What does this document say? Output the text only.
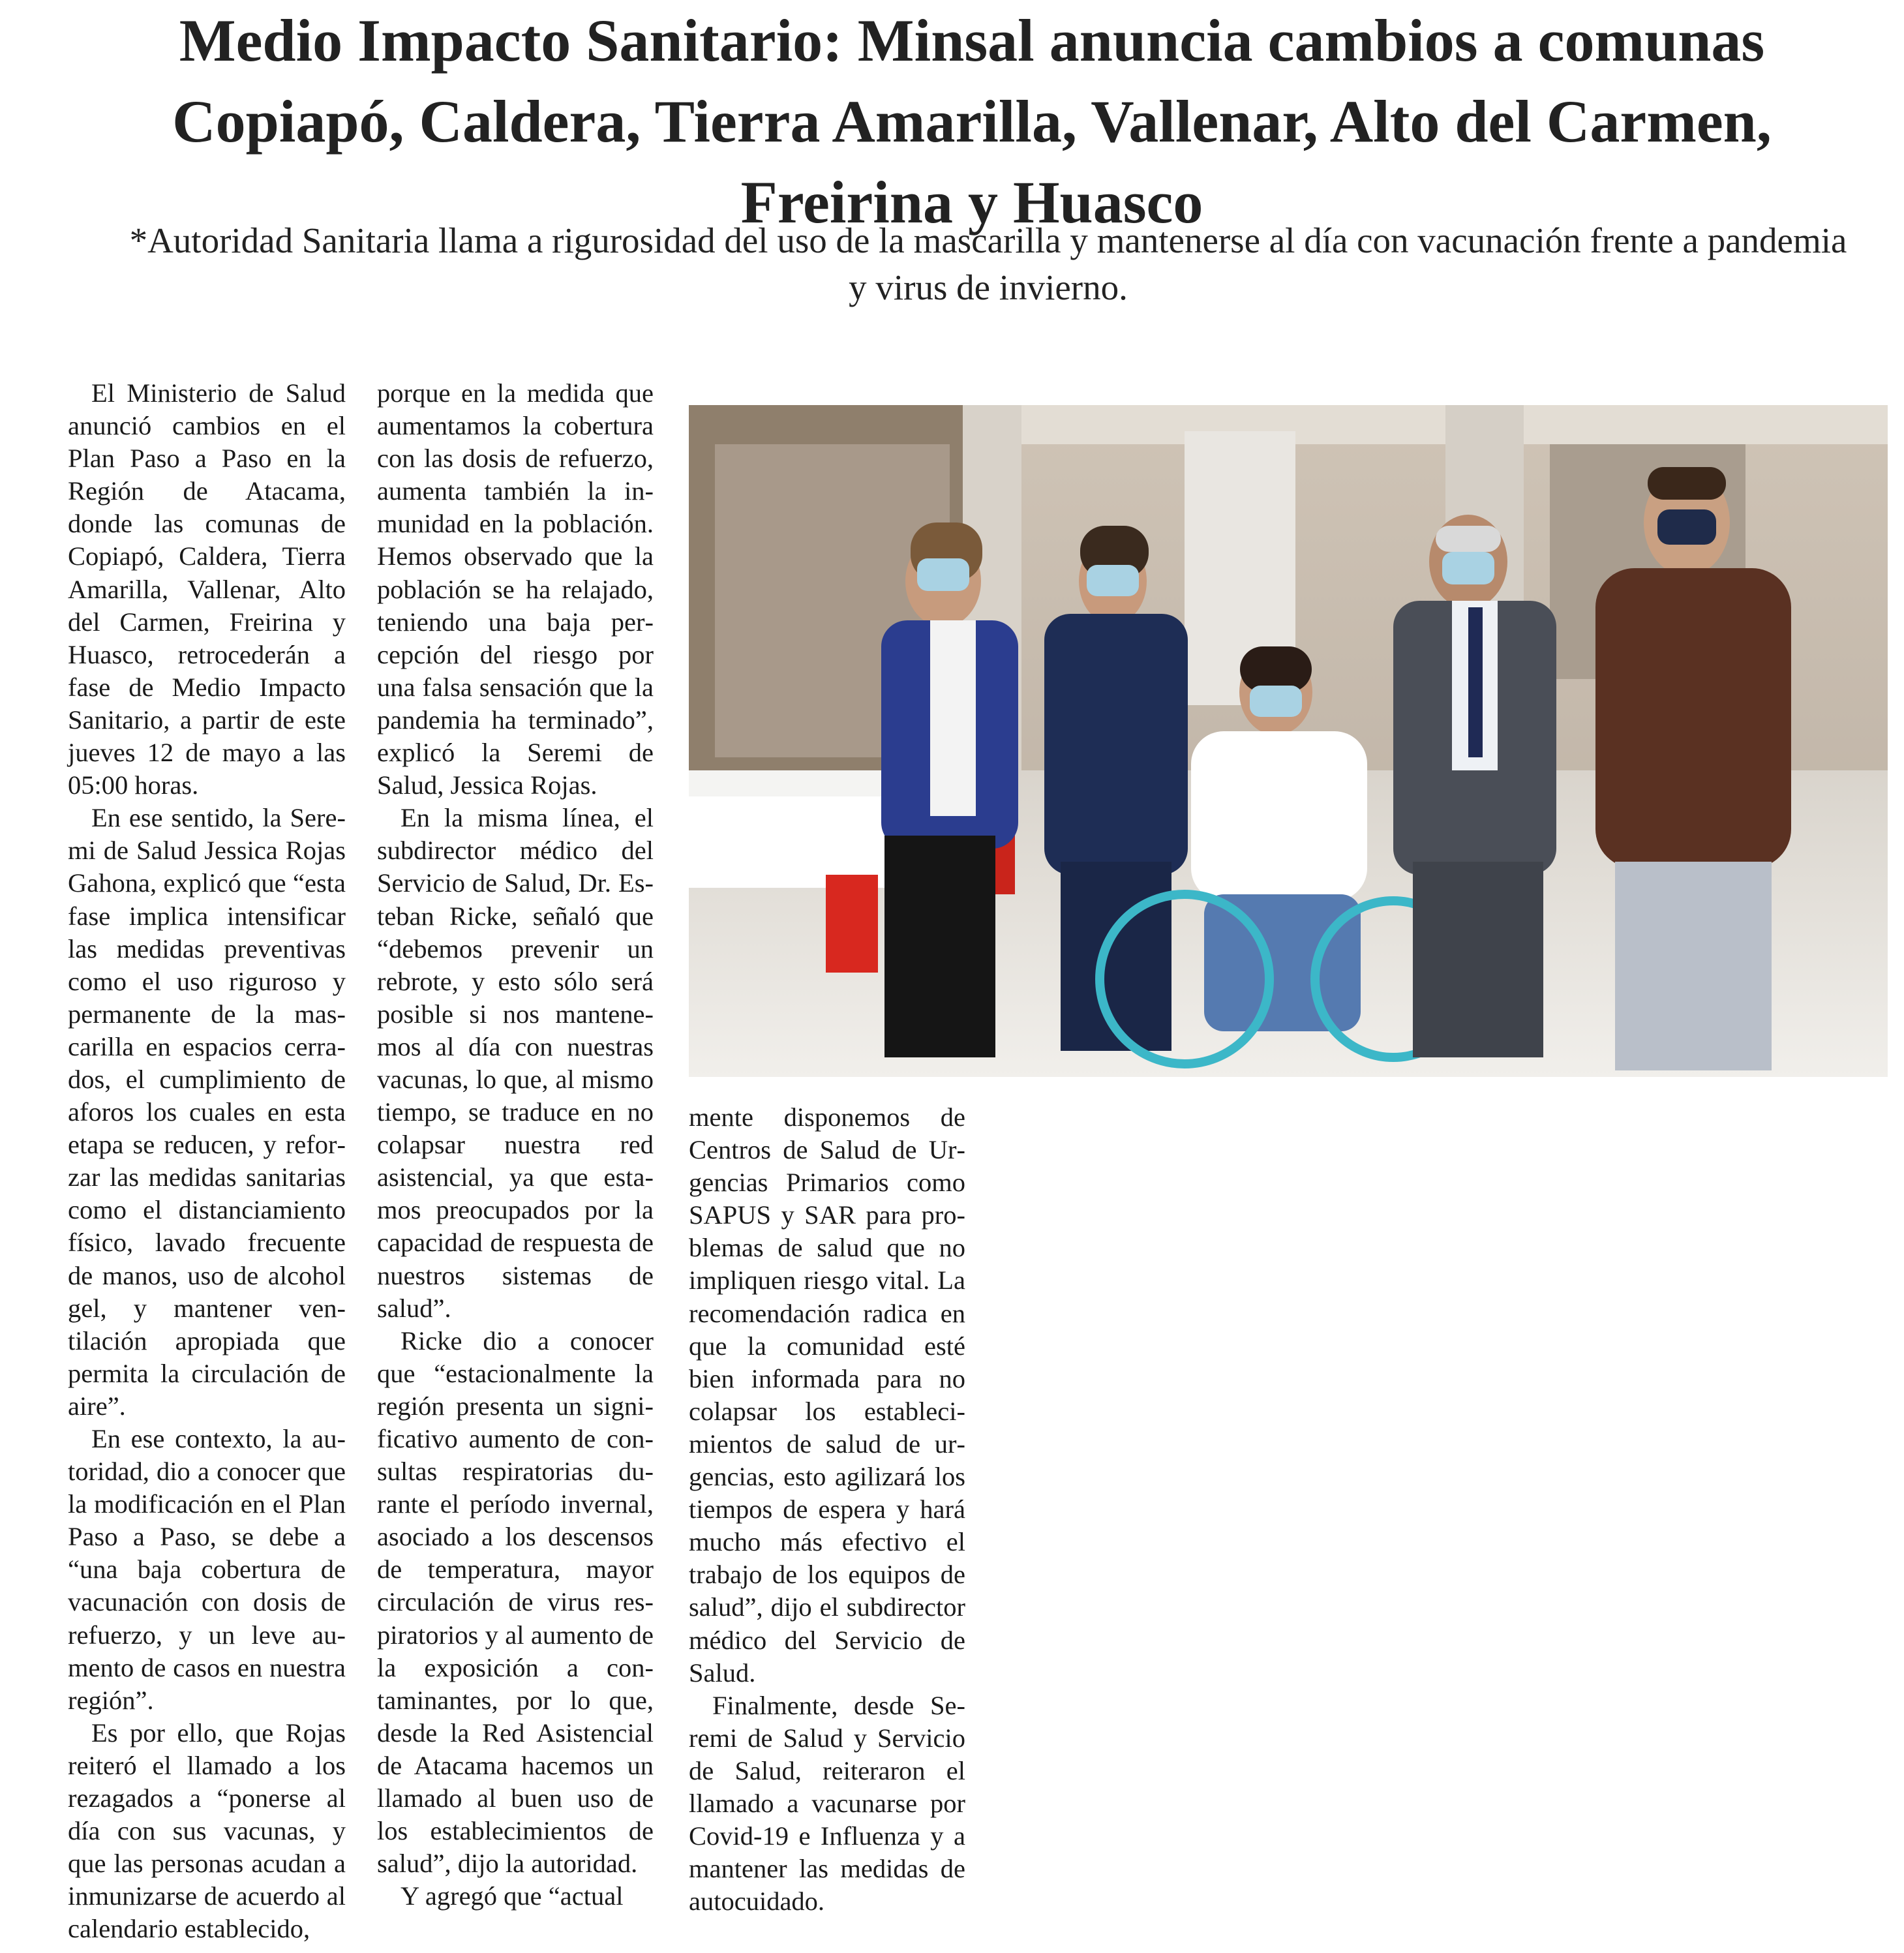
Medio Impacto Sanitario: Minsal anuncia cambios a comunas Copiapó, Caldera, Tierra Amarilla, Vallenar, Alto del Carmen, Freirina y Huasco

*Autoridad Sanitaria llama a rigurosidad del uso de la mascarilla y mantenerse al día con vacunación frente a pandemia y virus de invierno.

El Ministerio de Salud anunció cambios en el Plan Paso a Paso en la Región de Atacama, donde las comunas de Copiapó, Caldera, Tierra Amarilla, Vallenar, Alto del Carmen, Freirina y Huasco, retrocederán a fase de Medio Impacto Sanitario, a partir de este jueves 12 de mayo a las 05:00 horas.

En ese sentido, la Seremi de Salud Jessica Rojas Gahona, explicó que “esta fase implica intensificar las medidas preventivas como el uso riguroso y permanente de la mascarilla en espacios cerrados, el cumplimiento de aforos los cuales en esta etapa se reducen, y reforzar las medidas sanitarias como el distanciamiento físico, lavado frecuente de manos, uso de alcohol gel, y mantener ventilación apropiada que permita la circulación de aire”.

En ese contexto, la autoridad, dio a conocer que la modificación en el Plan Paso a Paso, se debe a “una baja cobertura de vacunación con dosis de refuerzo, y un leve aumento de casos en nuestra región”.

Es por ello, que Rojas reiteró el llamado a los rezagados a “ponerse al día con sus vacunas, y que las personas acudan a inmunizarse de acuerdo al calendario establecido,

porque en la medida que aumentamos la cobertura con las dosis de refuerzo, aumenta también la inmunidad en la población. Hemos observado que la población se ha relajado, teniendo una baja percepción del riesgo por una falsa sensación que la pandemia ha terminado”, explicó la Seremi de Salud, Jessica Rojas.

En la misma línea, el subdirector médico del Servicio de Salud, Dr. Esteban Ricke, señaló que “debemos prevenir un rebrote, y esto sólo será posible si nos mantenemos al día con nuestras vacunas, lo que, al mismo tiempo, se traduce en no colapsar nuestra red asistencial, ya que estamos preocupados por la capacidad de respuesta de nuestros sistemas de salud”.

Ricke dio a conocer que “estacionalmente la región presenta un significativo aumento de consultas respiratorias durante el período invernal, asociado a los descensos de temperatura, mayor circulación de virus respiratorios y al aumento de la exposición a contaminantes, por lo que, desde la Red Asistencial de Atacama hacemos un llamado al buen uso de los establecimientos de salud”, dijo la autoridad.

Y agregó que “actual

mente disponemos de Centros de Salud de Urgencias Primarios como SAPUS y SAR para problemas de salud que no impliquen riesgo vital. La recomendación radica en que la comunidad esté bien informada para no colapsar los establecimientos de salud de urgencias, esto agilizará los tiempos de espera y hará mucho más efectivo el trabajo de los equipos de salud”, dijo el subdirector médico del Servicio de Salud.

Finalmente, desde Seremi de Salud y Servicio de Salud, reiteraron el llamado a vacunarse por Covid-19 e Influenza y a mantener las medidas de autocuidado.
